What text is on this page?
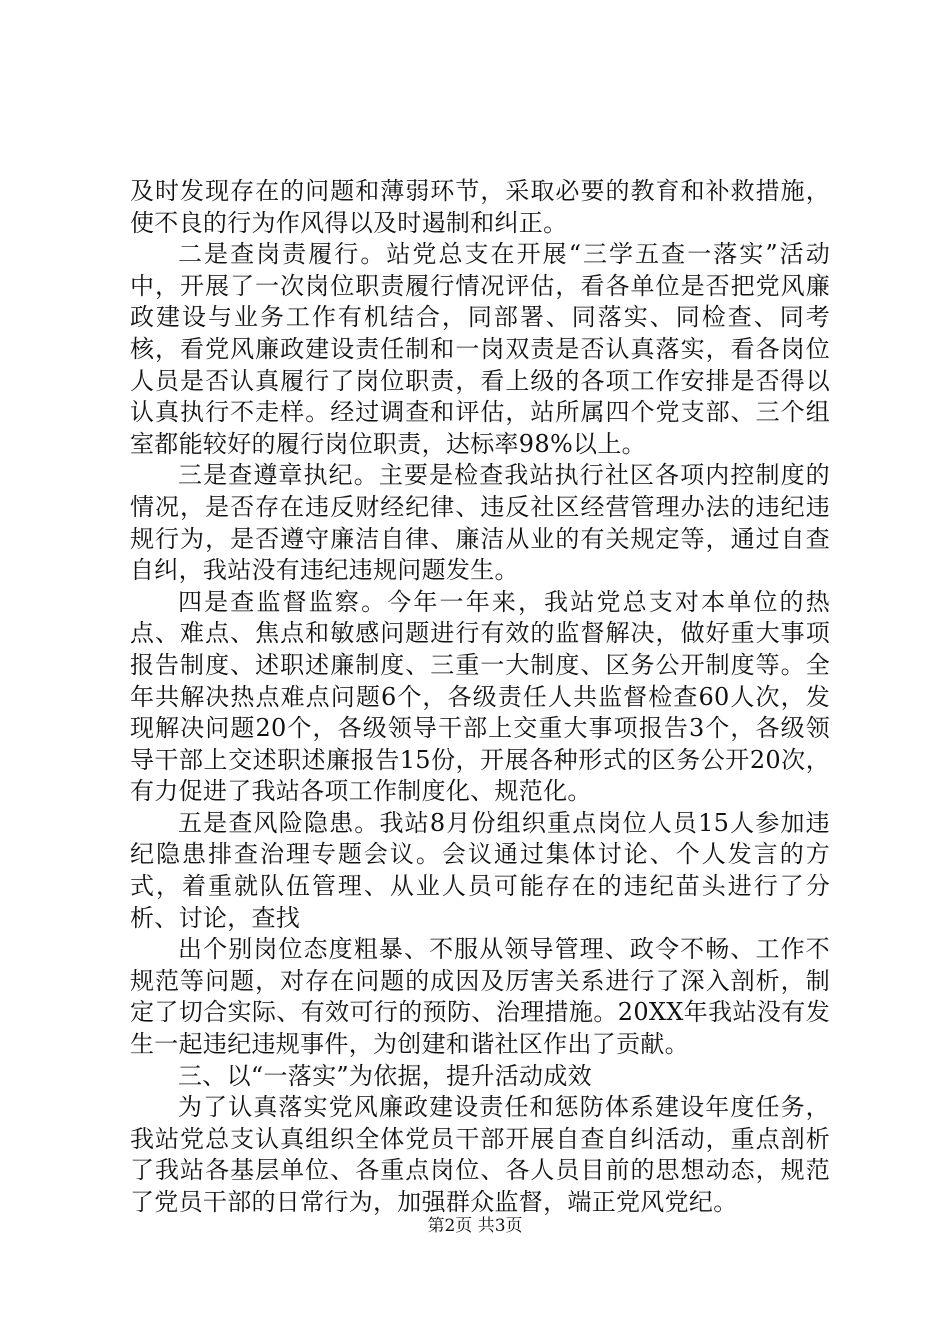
及时发现存在的问题和薄弱环节，采取必要的教育和补救措施，使不良的行为作风得以及时遏制和纠正。

二是查岗责履行。站党总支在开展“三学五查一落实”活动中，开展了一次岗位职责履行情况评估，看各单位是否把党风廉政建设与业务工作有机结合，同部署、同落实、同检查、同考核，看党风廉政建设责任制和一岗双责是否认真落实，看各岗位人员是否认真履行了岗位职责，看上级的各项工作安排是否得以认真执行不走样。经过调查和评估，站所属四个党支部、三个组室都能较好的履行岗位职责，达标率98%以上。

三是查遵章执纪。主要是检查我站执行社区各项内控制度的情况，是否存在违反财经纪律、违反社区经营管理办法的违纪违规行为，是否遵守廉洁自律、廉洁从业的有关规定等，通过自查自纠，我站没有违纪违规问题发生。

四是查监督监察。今年一年来，我站党总支对本单位的热点、难点、焦点和敏感问题进行有效的监督解决，做好重大事项报告制度、述职述廉制度、三重一大制度、区务公开制度等。全年共解决热点难点问题6个，各级责任人共监督检查60人次，发现解决问题20个，各级领导干部上交重大事项报告3个，各级领导干部上交述职述廉报告15份，开展各种形式的区务公开20次，有力促进了我站各项工作制度化、规范化。

五是查风险隐患。我站8月份组织重点岗位人员15人参加违纪隐患排查治理专题会议。会议通过集体讨论、个人发言的方式，着重就队伍管理、从业人员可能存在的违纪苗头进行了分析、讨论，查找

出个别岗位态度粗暴、不服从领导管理、政令不畅、工作不规范等问题，对存在问题的成因及厉害关系进行了深入剖析，制定了切合实际、有效可行的预防、治理措施。20XX年我站没有发生一起违纪违规事件，为创建和谐社区作出了贡献。

三、以“一落实”为依据，提升活动成效

为了认真落实党风廉政建设责任和惩防体系建设年度任务，我站党总支认真组织全体党员干部开展自查自纠活动，重点剖析了我站各基层单位、各重点岗位、各人员目前的思想动态，规范了党员干部的日常行为，加强群众监督，端正党风党纪。

第2页 共3页
